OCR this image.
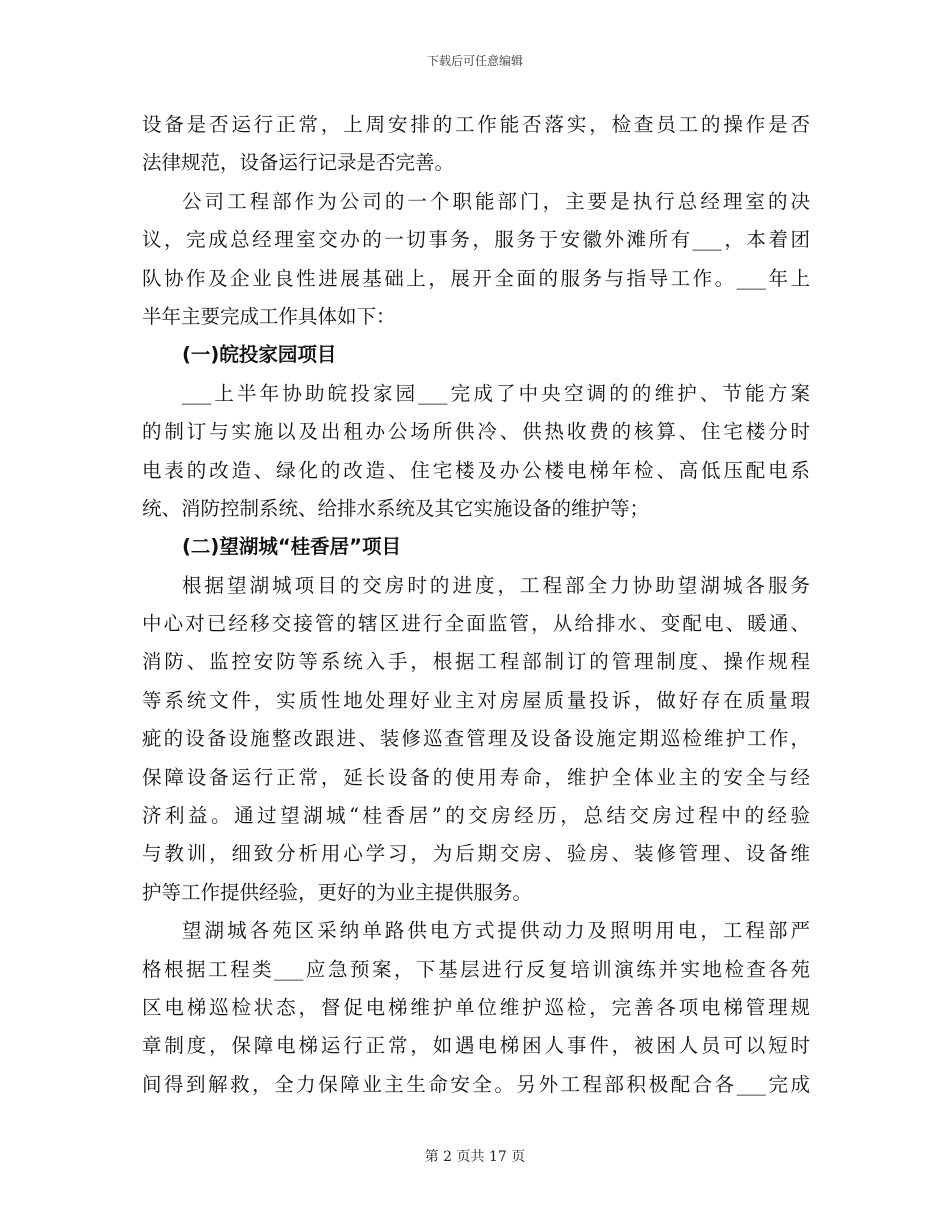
下载后可任意编辑
设备是否运行正常，上周安排的工作能否落实，检查员工的操作是否
法律规范，设备运行记录是否完善。
公司工程部作为公司的一个职能部门，主要是执行总经理室的决
议，完成总经理室交办的一切事务，服务于安徽外滩所有___，本着团
队协作及企业良性进展基础上，展开全面的服务与指导工作。___年上
半年主要完成工作具体如下：
(一)皖投家园项目
___上半年协助皖投家园___完成了中央空调的的维护、节能方案
的制订与实施以及出租办公场所供冷、供热收费的核算、住宅楼分时
电表的改造、绿化的改造、住宅楼及办公楼电梯年检、高低压配电系
统、消防控制系统、给排水系统及其它实施设备的维护等；
(二)望湖城“桂香居”项目
根据望湖城项目的交房时的进度，工程部全力协助望湖城各服务
中心对已经移交接管的辖区进行全面监管，从给排水、变配电、暖通、
消防、监控安防等系统入手，根据工程部制订的管理制度、操作规程
等系统文件，实质性地处理好业主对房屋质量投诉，做好存在质量瑕
疵的设备设施整改跟进、装修巡查管理及设备设施定期巡检维护工作，
保障设备运行正常，延长设备的使用寿命，维护全体业主的安全与经
济利益。通过望湖城“桂香居”的交房经历，总结交房过程中的经验
与教训，细致分析用心学习，为后期交房、验房、装修管理、设备维
护等工作提供经验，更好的为业主提供服务。
望湖城各苑区采纳单路供电方式提供动力及照明用电，工程部严
格根据工程类___应急预案，下基层进行反复培训演练并实地检查各苑
区电梯巡检状态，督促电梯维护单位维护巡检，完善各项电梯管理规
章制度，保障电梯运行正常，如遇电梯困人事件，被困人员可以短时
间得到解救，全力保障业主生命安全。另外工程部积极配合各___完成
第 2 页共 17 页
